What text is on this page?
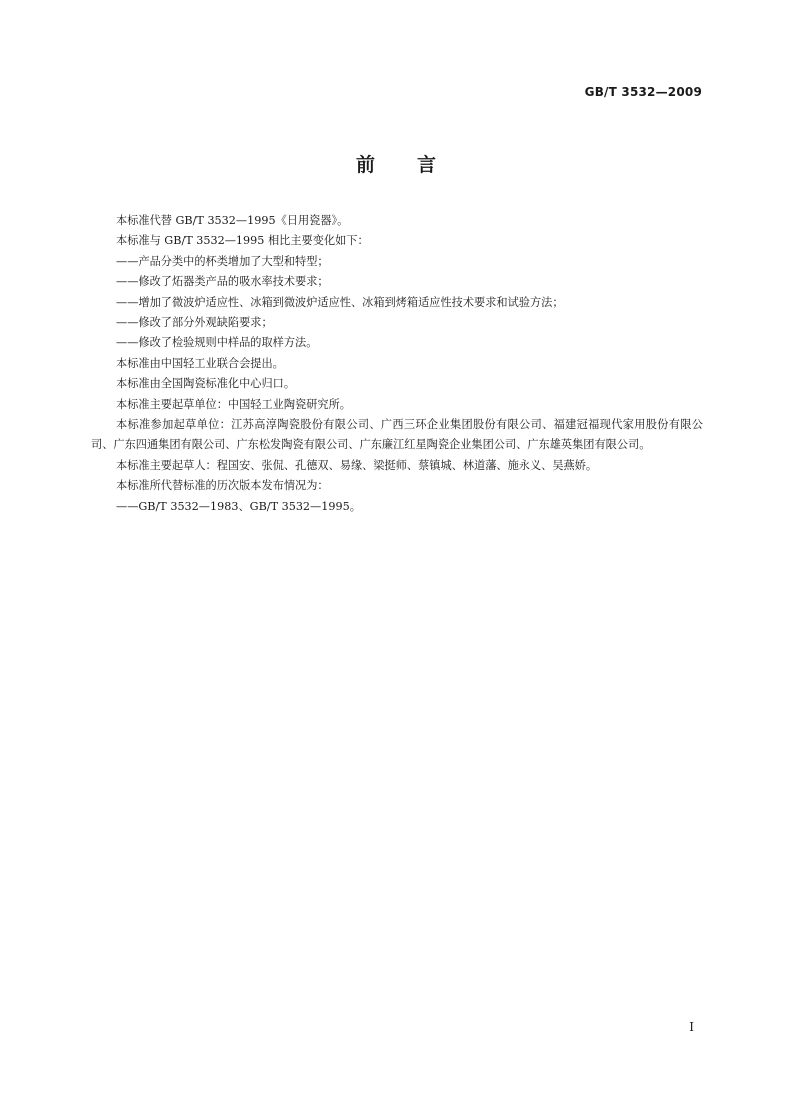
GB/T 3532—2009
前言

本标准代替 GB/T 3532—1995《日用瓷器》。

本标准与 GB/T 3532—1995 相比主要变化如下：

——产品分类中的杯类增加了大型和特型；

——修改了炻器类产品的吸水率技术要求；

——增加了微波炉适应性、冰箱到微波炉适应性、冰箱到烤箱适应性技术要求和试验方法；

——修改了部分外观缺陷要求；

——修改了检验规则中样品的取样方法。

本标准由中国轻工业联合会提出。

本标准由全国陶瓷标准化中心归口。

本标准主要起草单位：中国轻工业陶瓷研究所。

本标准参加起草单位：江苏高淳陶瓷股份有限公司、广西三环企业集团股份有限公司、福建冠福现代家用股份有限公司、广东四通集团有限公司、广东松发陶瓷有限公司、广东廉江红星陶瓷企业集团公司、广东雄英集团有限公司。

本标准主要起草人：程国安、张侃、孔德双、易缘、梁挺师、蔡镇城、林道藩、施永义、吴燕娇。

本标准所代替标准的历次版本发布情况为：

——GB/T 3532—1983、GB/T 3532—1995。

I
